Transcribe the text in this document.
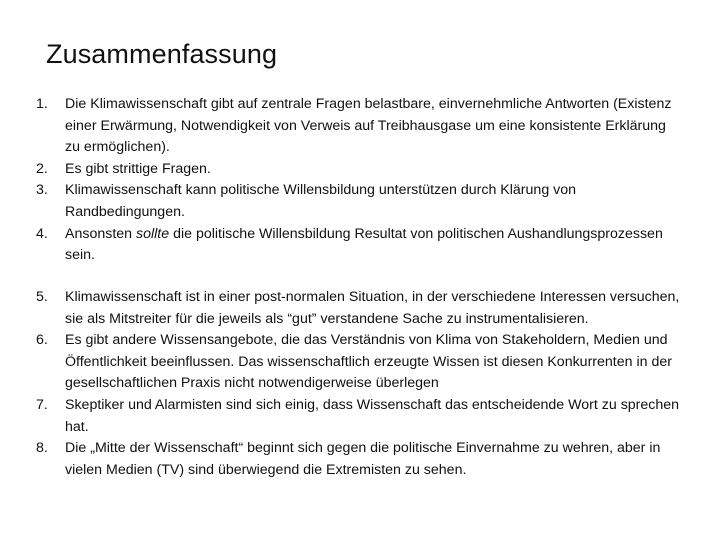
Zusammenfassung
1.	Die Klimawissenschaft gibt auf zentrale Fragen belastbare, einvernehmliche Antworten (Existenz einer Erwärmung, Notwendigkeit von Verweis auf Treibhausgase um eine konsistente Erklärung zu ermöglichen).
2.	Es gibt strittige Fragen.
3.	Klimawissenschaft kann politische Willensbildung unterstützen durch Klärung von Randbedingungen.
4.	Ansonsten sollte die politische Willensbildung Resultat von politischen Aushandlungsprozessen sein.
5.	Klimawissenschaft ist in einer post-normalen Situation, in der verschiedene Interessen versuchen, sie als Mitstreiter für die jeweils als “gut” verstandene Sache zu instrumentalisieren.
6.	Es gibt andere Wissensangebote, die das Verständnis von Klima von Stakeholdern, Medien und Öffentlichkeit beeinflussen. Das wissenschaftlich erzeugte Wissen ist diesen Konkurrenten in der gesellschaftlichen Praxis nicht notwendigerweise überlegen
7.	Skeptiker und Alarmisten sind sich einig, dass Wissenschaft das entscheidende Wort zu sprechen hat.
8.	Die „Mitte der Wissenschaft“ beginnt sich gegen die politische Einvernahme zu wehren, aber in vielen Medien (TV) sind überwiegend die Extremisten zu sehen.
